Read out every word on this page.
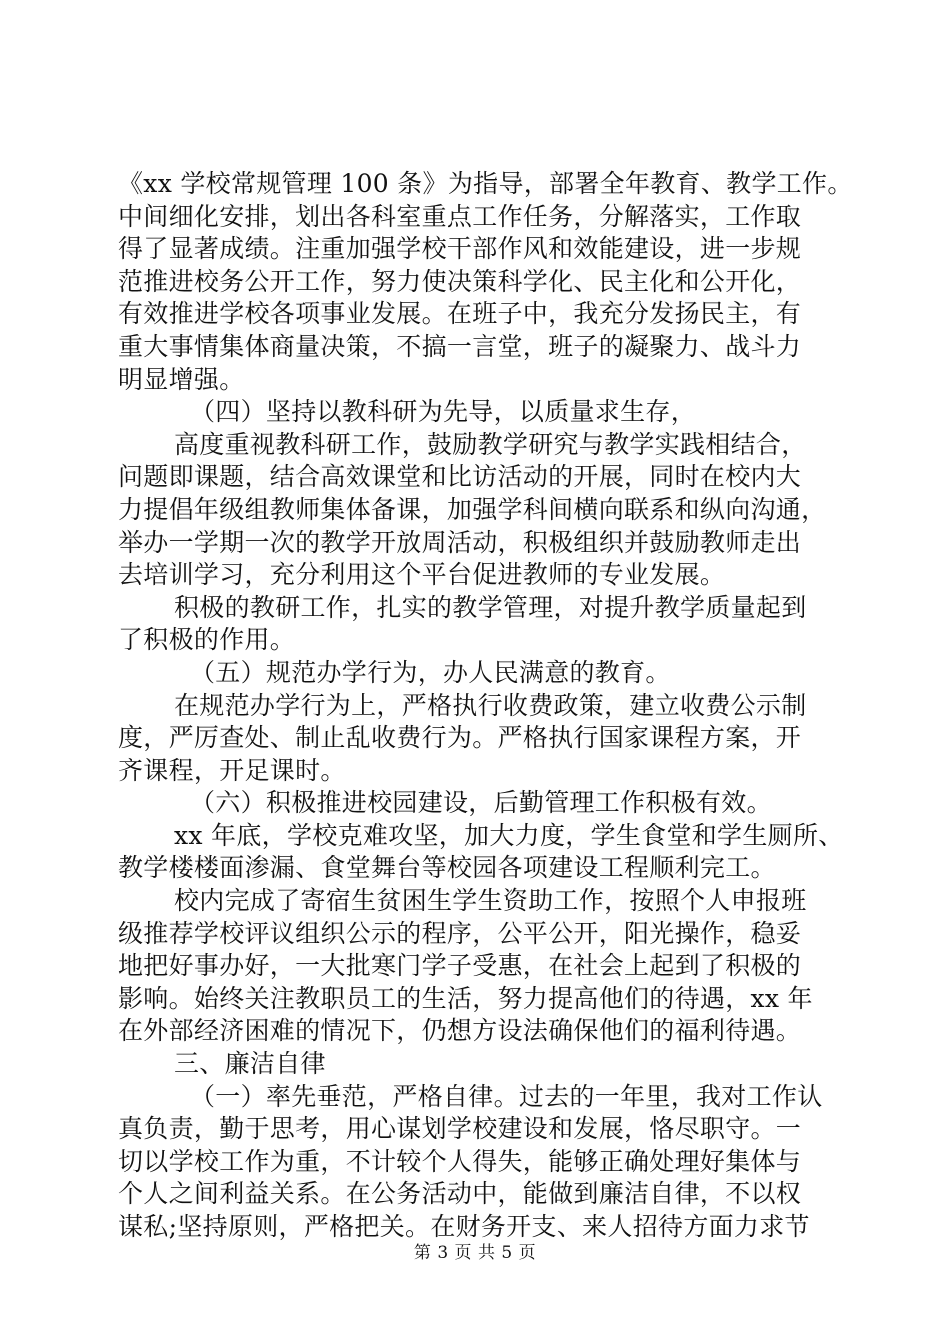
《xx 学校常规管理 100 条》为指导，部署全年教育、教学工作。
中间细化安排，划出各科室重点工作任务，分解落实，工作取
得了显著成绩。注重加强学校干部作风和效能建设，进一步规
范推进校务公开工作，努力使决策科学化、民主化和公开化，
有效推进学校各项事业发展。在班子中，我充分发扬民主，有
重大事情集体商量决策，不搞一言堂，班子的凝聚力、战斗力
明显增强。
（四）坚持以教科研为先导，以质量求生存，
高度重视教科研工作，鼓励教学研究与教学实践相结合，
问题即课题，结合高效课堂和比访活动的开展，同时在校内大
力提倡年级组教师集体备课，加强学科间横向联系和纵向沟通，
举办一学期一次的教学开放周活动，积极组织并鼓励教师走出
去培训学习，充分利用这个平台促进教师的专业发展。
积极的教研工作，扎实的教学管理，对提升教学质量起到
了积极的作用。
（五）规范办学行为，办人民满意的教育。
在规范办学行为上，严格执行收费政策，建立收费公示制
度，严厉查处、制止乱收费行为。严格执行国家课程方案，开
齐课程，开足课时。
（六）积极推进校园建设，后勤管理工作积极有效。
xx 年底，学校克难攻坚，加大力度，学生食堂和学生厕所、
教学楼楼面渗漏、食堂舞台等校园各项建设工程顺利完工。
校内完成了寄宿生贫困生学生资助工作，按照个人申报班
级推荐学校评议组织公示的程序，公平公开，阳光操作，稳妥
地把好事办好，一大批寒门学子受惠，在社会上起到了积极的
影响。始终关注教职员工的生活，努力提高他们的待遇，xx 年
在外部经济困难的情况下，仍想方设法确保他们的福利待遇。
三、廉洁自律
（一）率先垂范，严格自律。过去的一年里，我对工作认
真负责，勤于思考，用心谋划学校建设和发展，恪尽职守。一
切以学校工作为重，不计较个人得失，能够正确处理好集体与
个人之间利益关系。在公务活动中，能做到廉洁自律，不以权
谋私;坚持原则，严格把关。在财务开支、来人招待方面力求节
第 3 页 共 5 页
